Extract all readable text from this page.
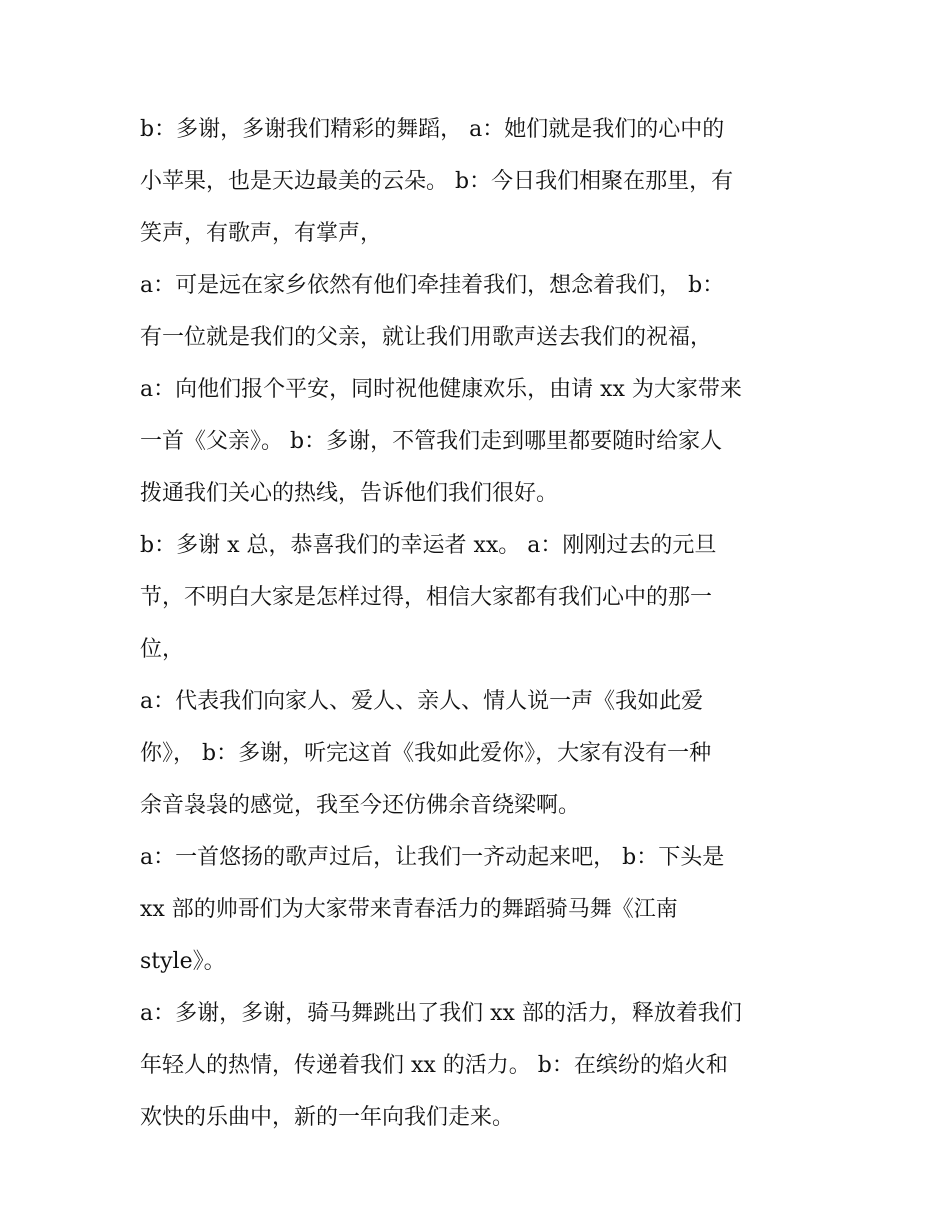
b：多谢，多谢我们精彩的舞蹈， a：她们就是我们的心中的
小苹果，也是天边最美的云朵。 b：今日我们相聚在那里，有
笑声，有歌声，有掌声，
a：可是远在家乡依然有他们牵挂着我们，想念着我们， b：
有一位就是我们的父亲，就让我们用歌声送去我们的祝福，
a：向他们报个平安，同时祝他健康欢乐，由请 xx 为大家带来
一首《父亲》。 b：多谢，不管我们走到哪里都要随时给家人
拨通我们关心的热线，告诉他们我们很好。
b：多谢 x 总，恭喜我们的幸运者 xx。 a：刚刚过去的元旦
节，不明白大家是怎样过得，相信大家都有我们心中的那一
位，
a：代表我们向家人、爱人、亲人、情人说一声《我如此爱
你》， b：多谢，听完这首《我如此爱你》，大家有没有一种
余音袅袅的感觉，我至今还仿佛余音绕梁啊。
a：一首悠扬的歌声过后，让我们一齐动起来吧， b：下头是
xx 部的帅哥们为大家带来青春活力的舞蹈骑马舞《江南
style》。
a：多谢，多谢，骑马舞跳出了我们 xx 部的活力，释放着我们
年轻人的热情，传递着我们 xx 的活力。 b：在缤纷的焰火和
欢快的乐曲中，新的一年向我们走来。
